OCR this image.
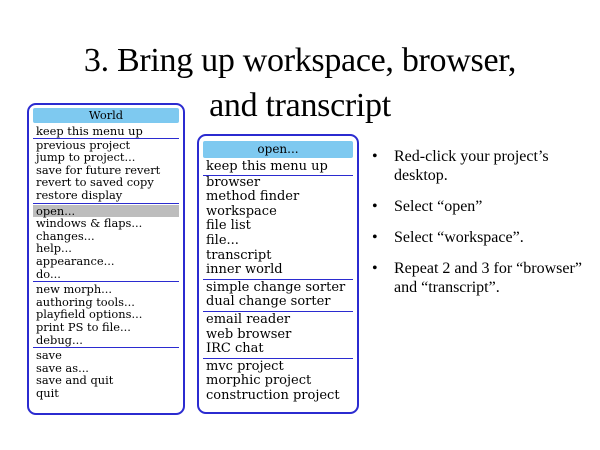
3. Bring up workspace, browser,
and transcript
World
keep this menu up
previous project
jump to project...
save for future revert
revert to saved copy
restore display
open...
windows & flaps...
changes...
help...
appearance...
do...
new morph...
authoring tools...
playfield options...
print PS to file...
debug...
save
save as...
save and quit
quit
open...
keep this menu up
browser
method finder
workspace
file list
file...
transcript
inner world
simple change sorter
dual change sorter
email reader
web browser
IRC chat
mvc project
morphic project
construction project
• Red-click your project’s desktop.
• Select “open”
• Select “workspace”.
• Repeat 2 and 3 for “browser” and “transcript”.
